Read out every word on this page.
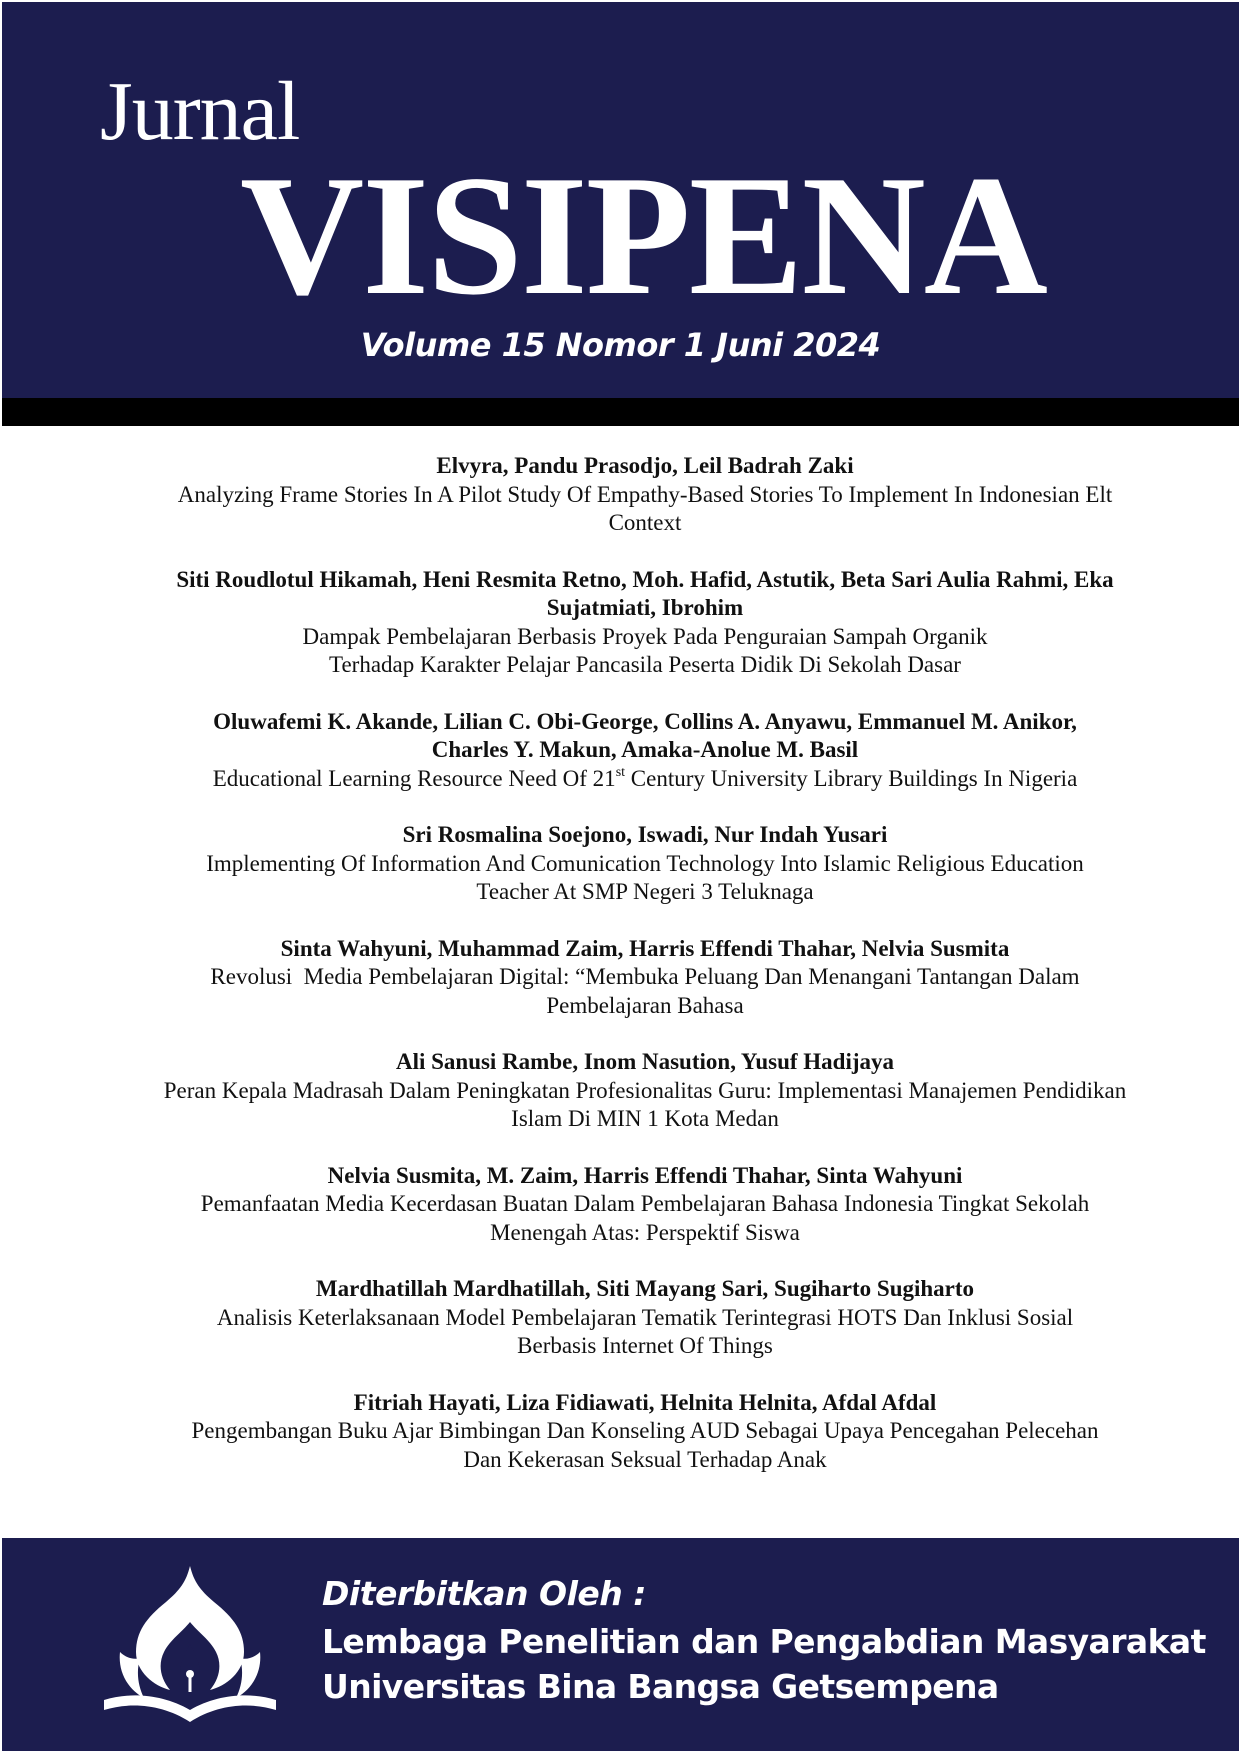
Jurnal
VISIPENA
Volume 15 Nomor 1 Juni 2024
Elvyra, Pandu Prasodjo, Leil Badrah Zaki
Analyzing Frame Stories In A Pilot Study Of Empathy-Based Stories To Implement In Indonesian Elt Context
Siti Roudlotul Hikamah, Heni Resmita Retno, Moh. Hafid, Astutik, Beta Sari Aulia Rahmi, Eka Sujatmiati, Ibrohim
Dampak Pembelajaran Berbasis Proyek Pada Penguraian Sampah Organik Terhadap Karakter Pelajar Pancasila Peserta Didik Di Sekolah Dasar
Oluwafemi K. Akande, Lilian C. Obi-George, Collins A. Anyawu, Emmanuel M. Anikor, Charles Y. Makun, Amaka-Anolue M. Basil
Educational Learning Resource Need Of 21st Century University Library Buildings In Nigeria
Sri Rosmalina Soejono, Iswadi, Nur Indah Yusari
Implementing Of Information And Comunication Technology Into Islamic Religious Education Teacher At SMP Negeri 3 Teluknaga
Sinta Wahyuni, Muhammad Zaim, Harris Effendi Thahar, Nelvia Susmita
Revolusi  Media Pembelajaran Digital: “Membuka Peluang Dan Menangani Tantangan Dalam Pembelajaran Bahasa
Ali Sanusi Rambe, Inom Nasution, Yusuf Hadijaya
Peran Kepala Madrasah Dalam Peningkatan Profesionalitas Guru: Implementasi Manajemen Pendidikan Islam Di MIN 1 Kota Medan
Nelvia Susmita, M. Zaim, Harris Effendi Thahar, Sinta Wahyuni
Pemanfaatan Media Kecerdasan Buatan Dalam Pembelajaran Bahasa Indonesia Tingkat Sekolah Menengah Atas: Perspektif Siswa
Mardhatillah Mardhatillah, Siti Mayang Sari, Sugiharto Sugiharto
Analisis Keterlaksanaan Model Pembelajaran Tematik Terintegrasi HOTS Dan Inklusi Sosial Berbasis Internet Of Things
Fitriah Hayati, Liza Fidiawati, Helnita Helnita, Afdal Afdal
Pengembangan Buku Ajar Bimbingan Dan Konseling AUD Sebagai Upaya Pencegahan Pelecehan Dan Kekerasan Seksual Terhadap Anak
Diterbitkan Oleh :
Lembaga Penelitian dan Pengabdian Masyarakat
Universitas Bina Bangsa Getsempena
